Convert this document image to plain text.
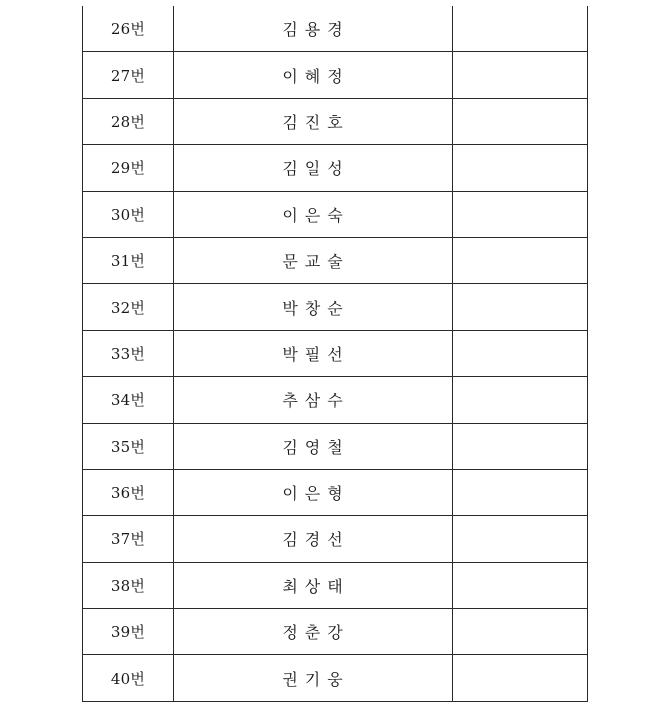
26번	김용경	
27번	이혜정	
28번	김진호	
29번	김일성	
30번	이은숙	
31번	문교술	
32번	박창순	
33번	박필선	
34번	추삼수	
35번	김영철	
36번	이은형	
37번	김경선	
38번	최상태	
39번	정춘강	
40번	권기웅	
